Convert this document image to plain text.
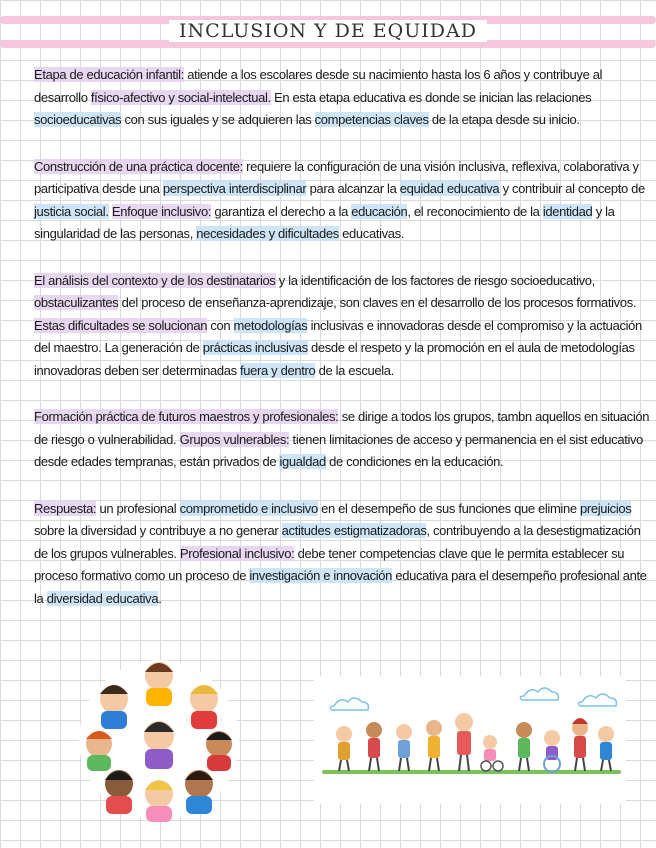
INCLUSION Y DE EQUIDAD

Etapa de educación infantil: atiende a los escolares desde su nacimiento hasta los 6 años y contribuye al desarrollo físico-afectivo y social-intelectual. En esta etapa educativa es donde se inician las relaciones socioeducativas con sus iguales y se adquieren las competencias claves de la etapa desde su inicio.

Construcción de una práctica docente: requiere la configuración de una visión inclusiva, reflexiva, colaborativa y participativa desde una perspectiva interdisciplinar para alcanzar la equidad educativa y contribuir al concepto de justicia social. Enfoque inclusivo: garantiza el derecho a la educación, el reconocimiento de la identidad y la singularidad de las personas, necesidades y dificultades educativas.

El análisis del contexto y de los destinatarios y la identificación de los factores de riesgo socioeducativo, obstaculizantes del proceso de enseñanza-aprendizaje, son claves en el desarrollo de los procesos formativos. Estas dificultades se solucionan con metodologías inclusivas e innovadoras desde el compromiso y la actuación del maestro. La generación de prácticas inclusivas desde el respeto y la promoción en el aula de metodologías innovadoras deben ser determinadas fuera y dentro de la escuela.

Formación práctica de futuros maestros y profesionales: se dirige a todos los grupos, tambn aquellos en situación de riesgo o vulnerabilidad. Grupos vulnerables: tienen limitaciones de acceso y permanencia en el sist educativo desde edades tempranas, están privados de igualdad de condiciones en la educación.

Respuesta: un profesional comprometido e inclusivo en el desempeño de sus funciones que elimine prejuicios sobre la diversidad y contribuye a no generar actitudes estigmatizadoras, contribuyendo a la desestigmatización de los grupos vulnerables. Profesional inclusivo: debe tener competencias clave que le permita establecer su proceso formativo como un proceso de investigación e innovación educativa para el desempeño profesional ante la diversidad educativa.
